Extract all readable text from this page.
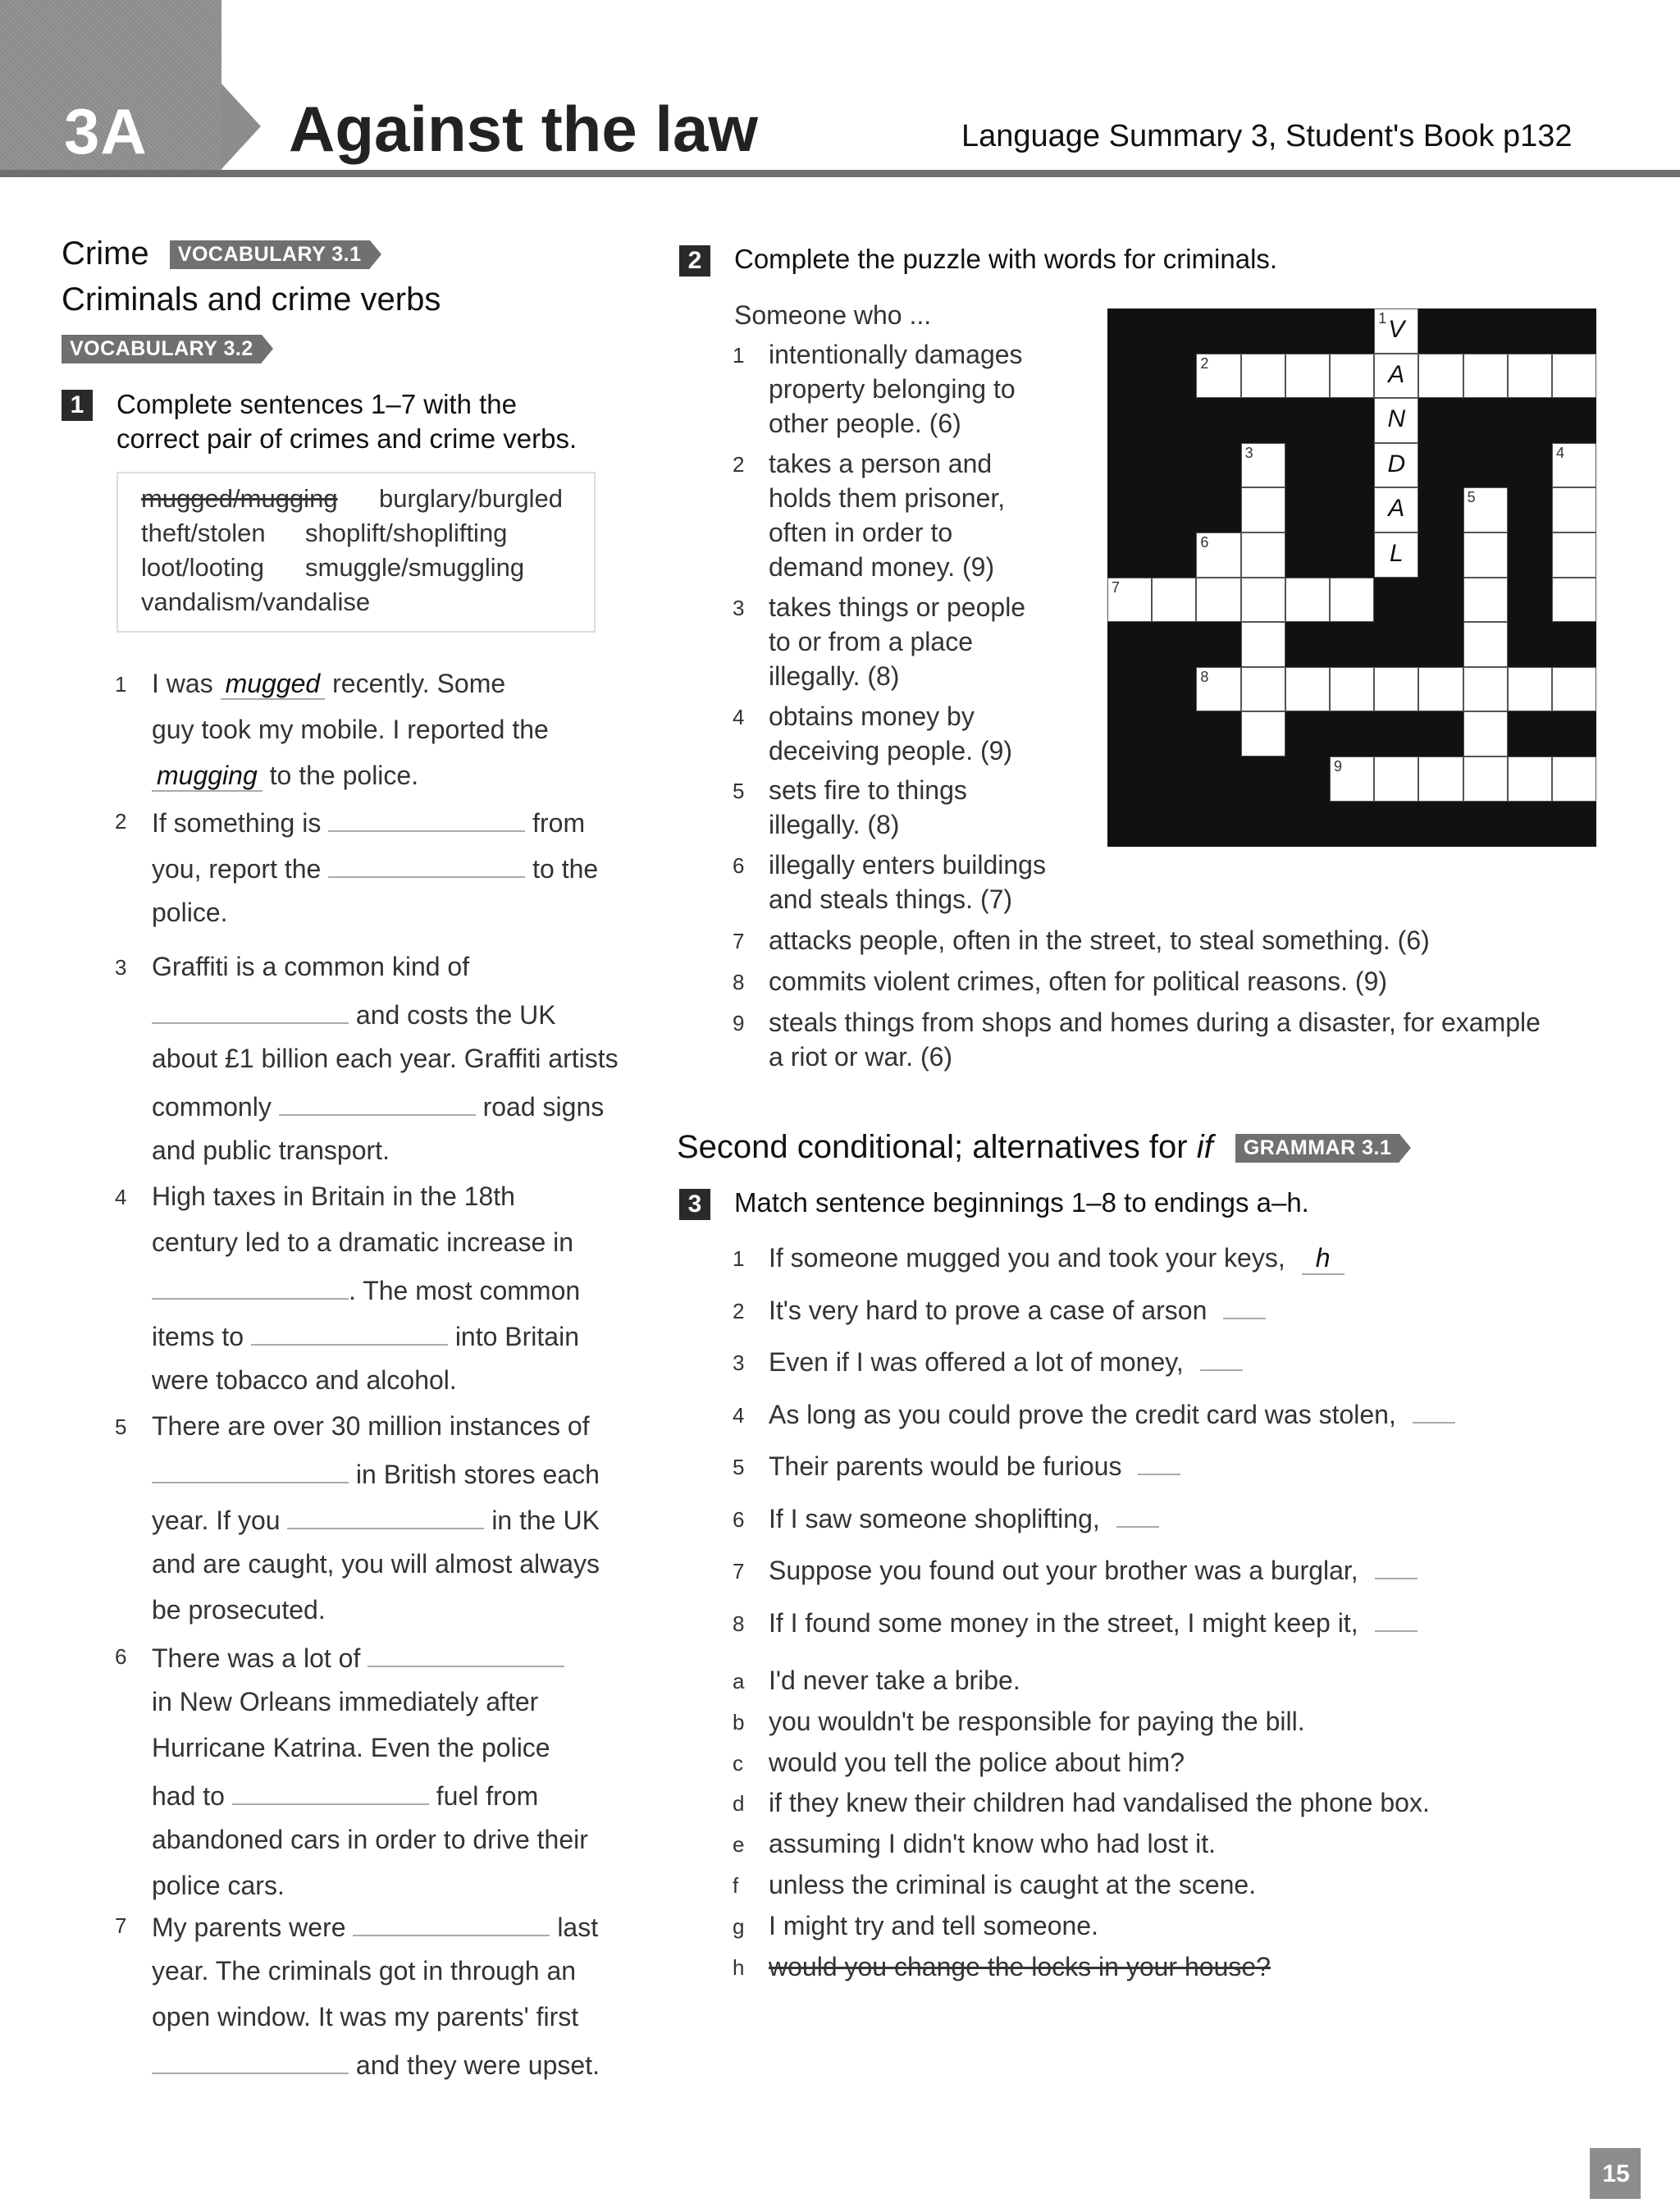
3A Against the law	Language Summary 3, Student's Book p132
Crime VOCABULARY 3.1
Criminals and crime verbs
VOCABULARY 3.2
1	Complete sentences 1–7 with the
correct pair of crimes and crime verbs.
mugged/mugging burglary/burgled
theft/stolen shoplift/shoplifting
loot/looting smuggle/smuggling
vandalism/vandalise
1 I was mugged recently. Some
guy took my mobile. I reported the
mugging to the police.
2 If something is	from
you, report the	to the
police.
3 Graffiti is a common kind of
and costs the UK
about £1 billion each year. Graffiti artists
commonly	road signs
and public transport.
4 High taxes in Britain in the 18th
century led to a dramatic increase in
. The most common
items to	into Britain
were tobacco and alcohol.
5 There are over 30 million instances of
in British stores each
year. If you	in the UK
and are caught, you will almost always
be prosecuted.
6 There was a lot of
in New Orleans immediately after
Hurricane Katrina. Even the police
had to	fuel from
abandoned cars in order to drive their
police cars.
7 My parents were	last
year. The criminals got in through an
open window. It was my parents' first
and they were upset.
2	Complete the puzzle with words for criminals.
Someone who ...
1 intentionally damages
property belonging to
other people. (6)
2 takes a person and
holds them prisoner,
often in order to
demand money. (9)
3 takes things or people
to or from a place
illegally. (8)
4 obtains money by
deceiving people. (9)
5 sets fire to things
illegally. (8)
6 illegally enters buildings
and steals things. (7)
7 attacks people, often in the street, to steal something. (6)
8 commits violent crimes, often for political reasons. (9)
9 steals things from shops and homes during a disaster, for example
a riot or war. (6)
1 V
2	A
N
3	D	4
A	5
6	L
7
8
9
Second conditional; alternatives for if GRAMMAR 3.1
3	Match sentence beginnings 1–8 to endings a–h.
1 If someone mugged you and took your keys, h
2 It's very hard to prove a case of arson
3 Even if I was offered a lot of money,
4 As long as you could prove the credit card was stolen,
5 Their parents would be furious
6 If I saw someone shoplifting,
7 Suppose you found out your brother was a burglar,
8 If I found some money in the street, I might keep it,
a I'd never take a bribe.
b you wouldn't be responsible for paying the bill.
c would you tell the police about him?
d if they knew their children had vandalised the phone box.
e assuming I didn't know who had lost it.
f unless the criminal is caught at the scene.
g I might try and tell someone.
h would you change the locks in your house?
15
